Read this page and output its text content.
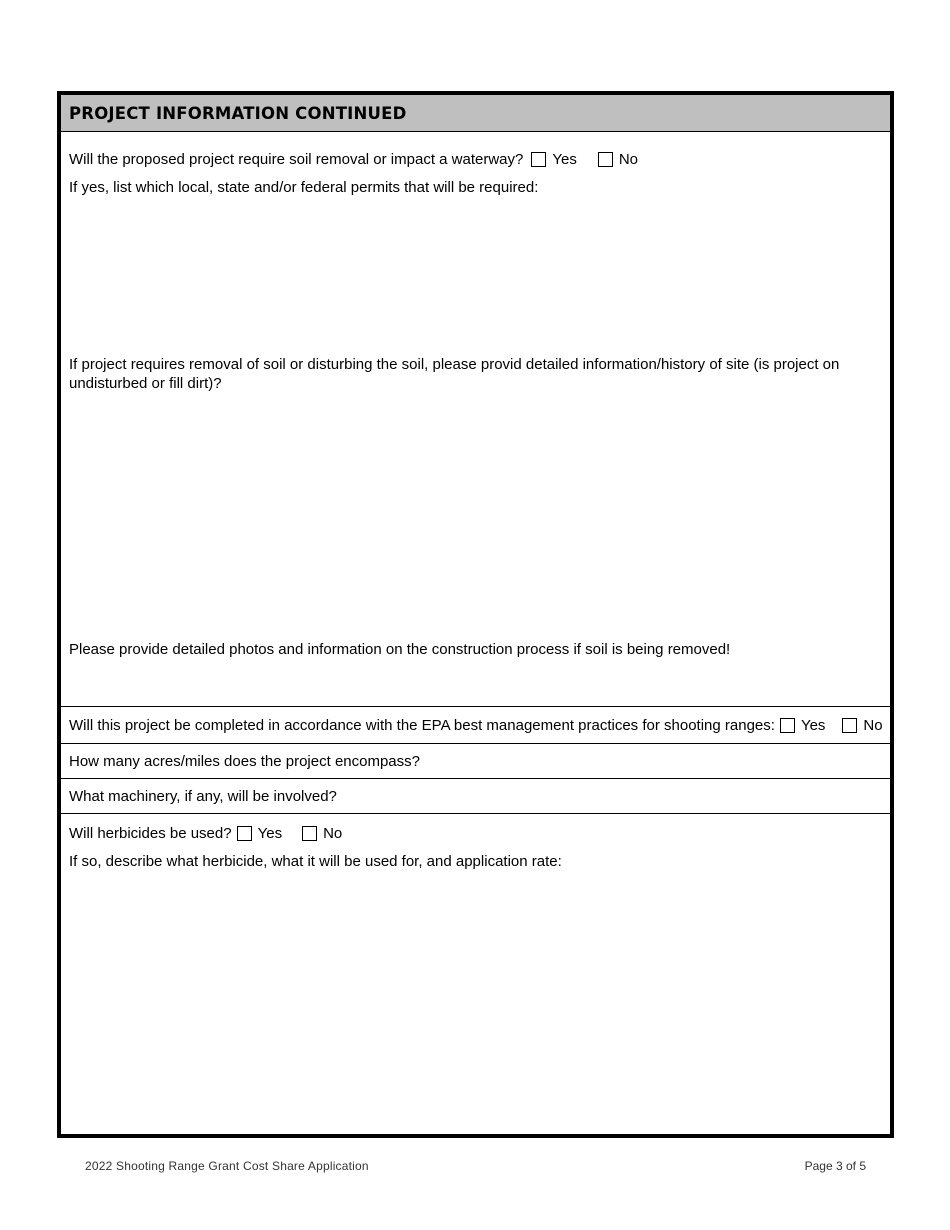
PROJECT INFORMATION CONTINUED
Will the proposed project require soil removal or impact a waterway? Yes	No
If yes, list which local, state and/or federal permits that will be required:
If project requires removal of soil or disturbing the soil, please provid detailed information/history of site (is project on undisturbed or fill dirt)?
Please provide detailed photos and information on the construction process if soil is being removed!
Will this project be completed in accordance with the EPA best management practices for shooting ranges: Yes	No
How many acres/miles does the project encompass?
What machinery, if any, will be involved?
Will herbicides be used? Yes	No
If so, describe what herbicide, what it will be used for, and application rate:
2022 Shooting Range Grant Cost Share Application	Page 3 of 5
